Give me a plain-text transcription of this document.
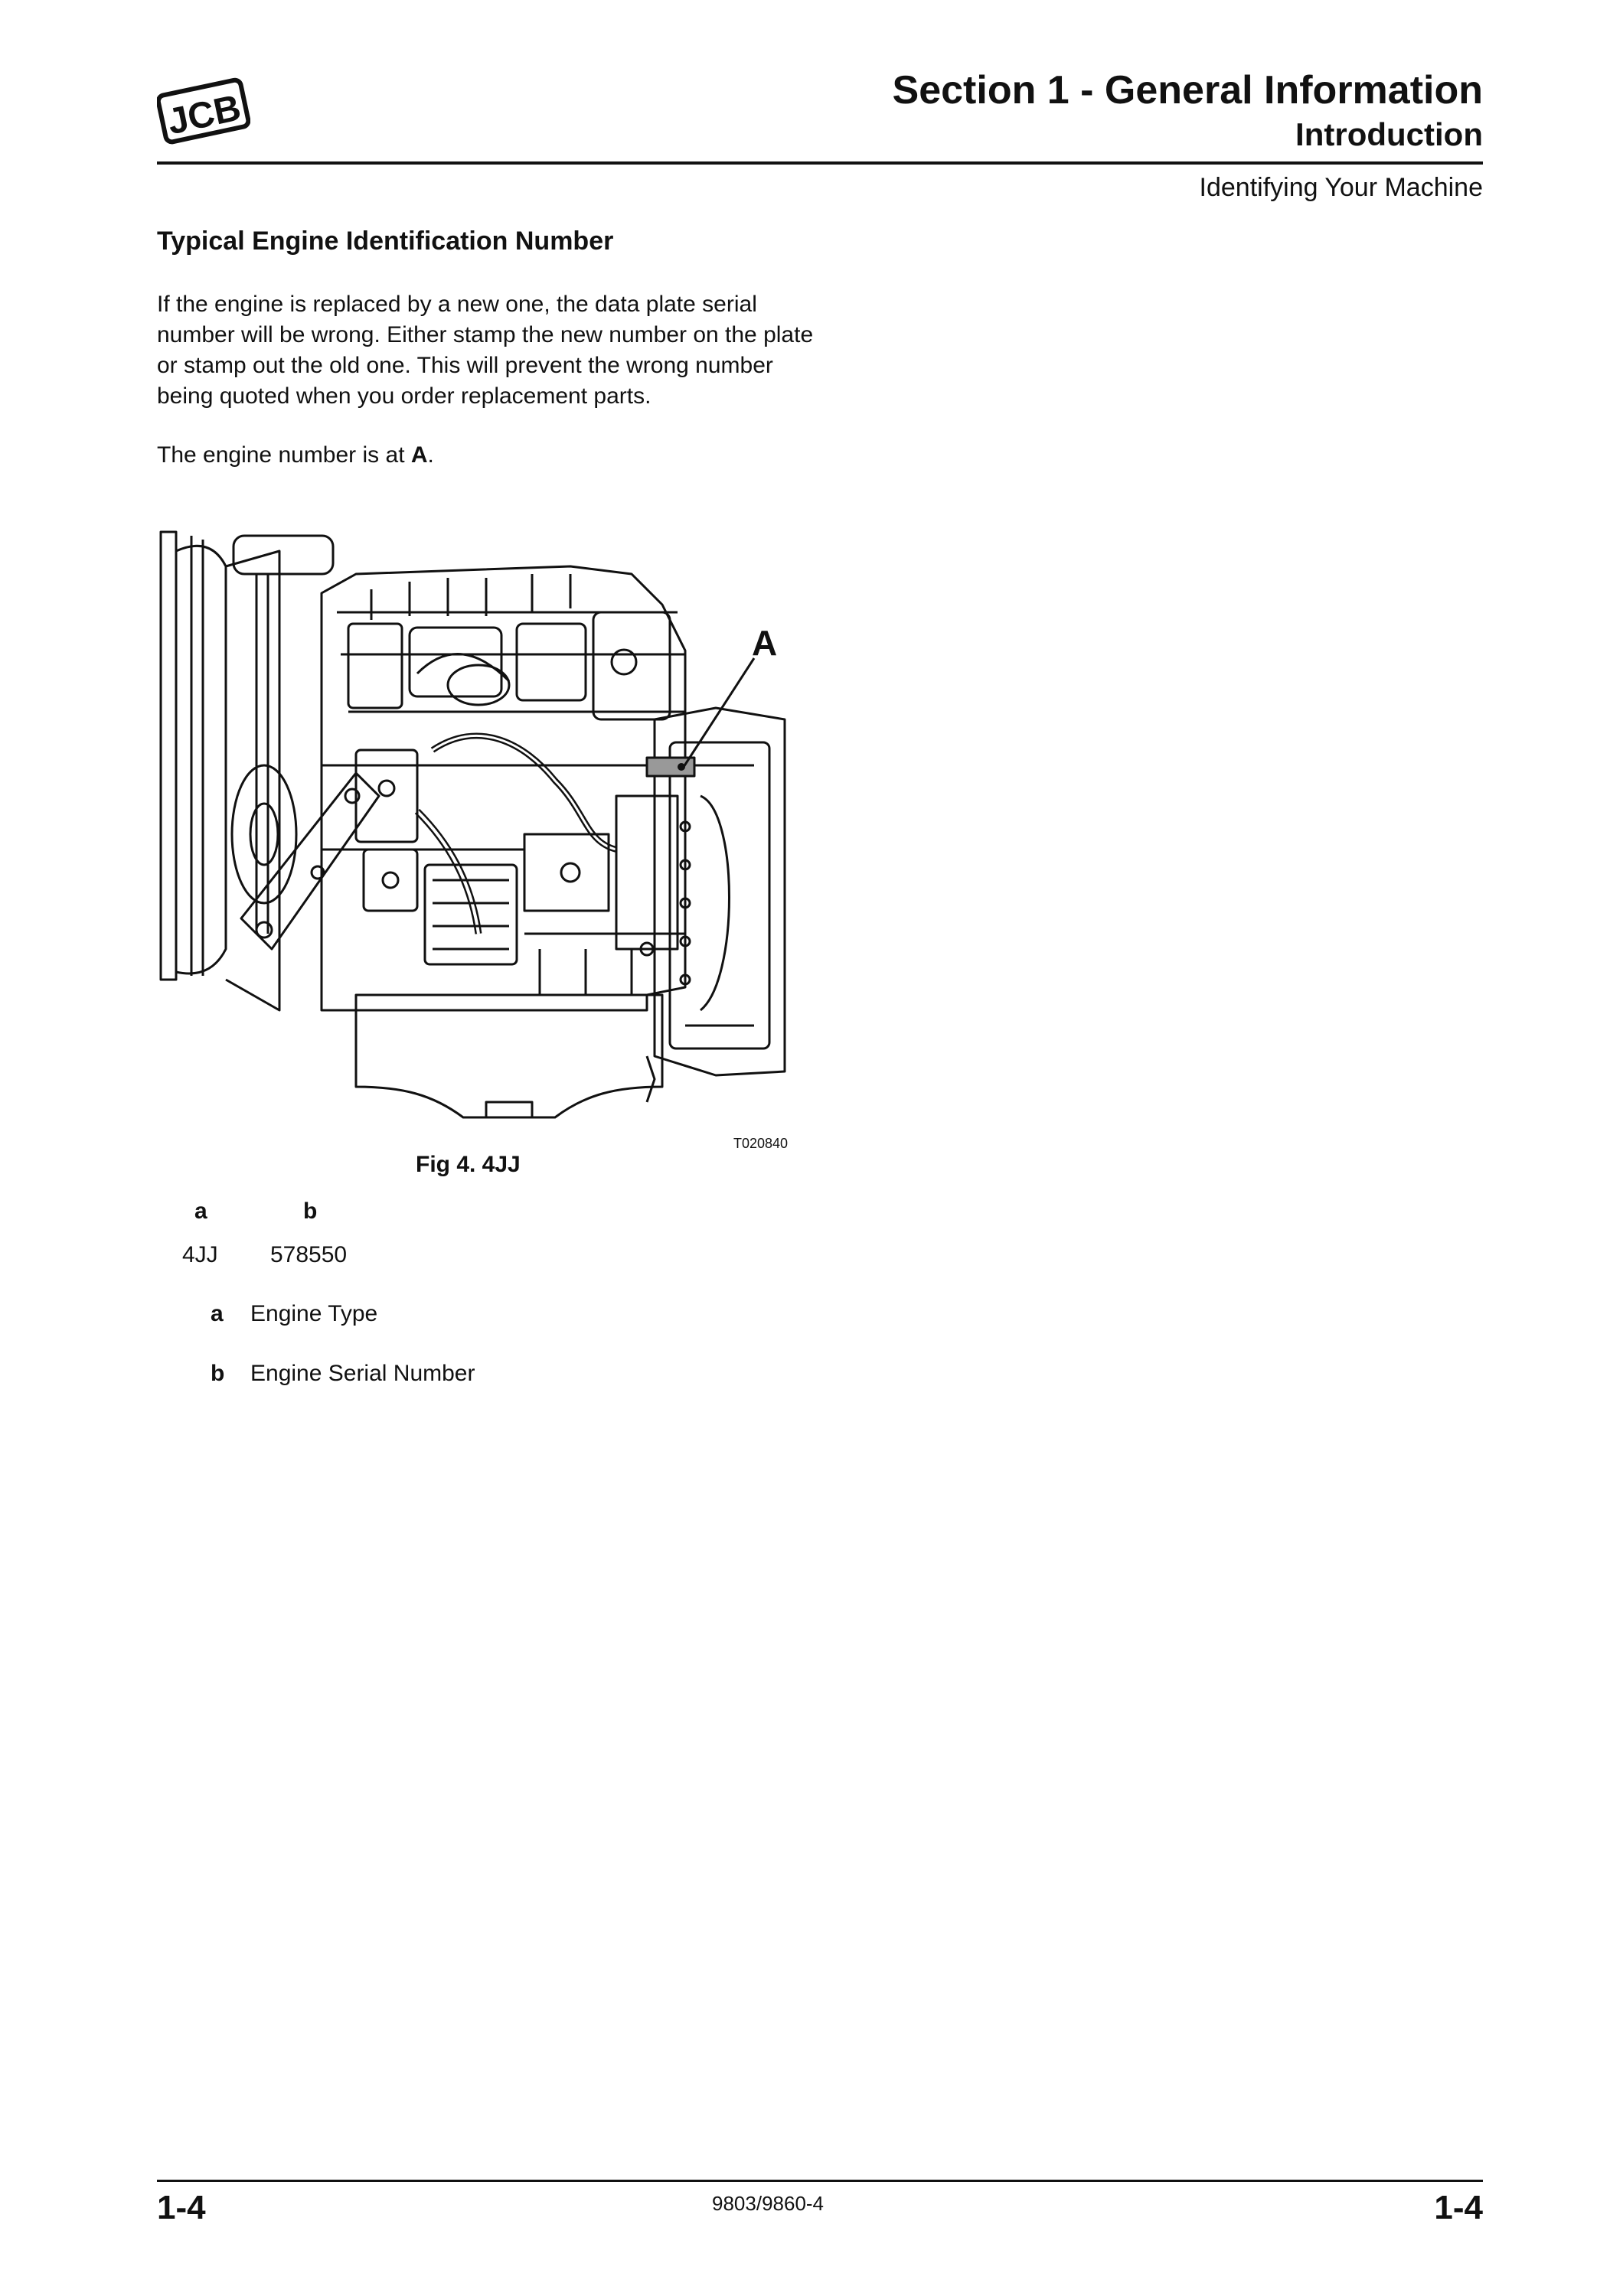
JCB	Section 1 - General Information
Introduction
Identifying Your Machine
Typical Engine Identification Number
If the engine is replaced by a new one, the data plate serial number will be wrong. Either stamp the new number on the plate or stamp out the old one. This will prevent the wrong number being quoted when you order replacement parts.
The engine number is at A.
A
T020840
Fig 4. 4JJ
a	b
4JJ 578550
a Engine Type
b Engine Serial Number
1-4	9803/9860-4	1-4
